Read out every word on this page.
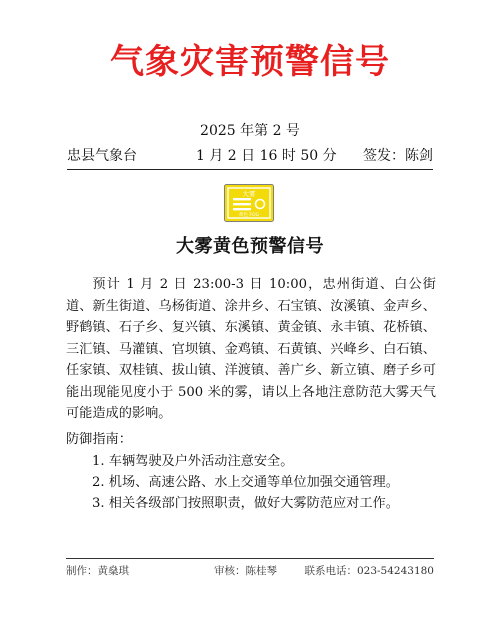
气象灾害预警信号
2025 年第 2 号
忠县气象台	1 月 2 日 16 时 50 分 签发：陈剑
大雾
黄色 FOG
大雾黄色预警信号

预计 1 月 2 日 23:00-3 日 10:00，忠州街道、白公街道、新生街道、乌杨街道、涂井乡、石宝镇、汝溪镇、金声乡、野鹤镇、石子乡、复兴镇、东溪镇、黄金镇、永丰镇、花桥镇、三汇镇、马灌镇、官坝镇、金鸡镇、石黄镇、兴峰乡、白石镇、任家镇、双桂镇、拔山镇、洋渡镇、善广乡、新立镇、磨子乡可能出现能见度小于 500 米的雾，请以上各地注意防范大雾天气可能造成的影响。

防御指南：
1. 车辆驾驶及户外活动注意安全。
2. 机场、高速公路、水上交通等单位加强交通管理。
3. 相关各级部门按照职责，做好大雾防范应对工作。
制作：黄燊琪	审核：陈桂琴	联系电话：023-54243180
